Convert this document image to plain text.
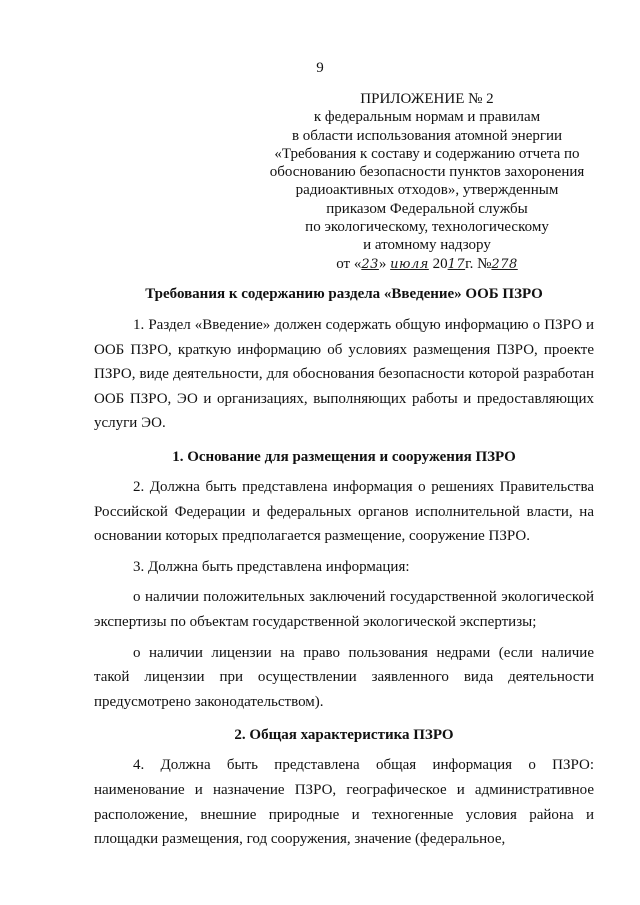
9
ПРИЛОЖЕНИЕ № 2
к федеральным нормам и правилам
в области использования атомной энергии
«Требования к составу и содержанию отчета по
обоснованию безопасности пунктов захоронения
радиоактивных отходов», утвержденным
приказом Федеральной службы
по экологическому, технологическому
и атомному надзору
от «23» июля 2017г. №278
Требования к содержанию раздела «Введение» ООБ ПЗРО
1. Раздел «Введение» должен содержать общую информацию о ПЗРО и ООБ ПЗРО, краткую информацию об условиях размещения ПЗРО, проекте ПЗРО, виде деятельности, для обоснования безопасности которой разработан ООБ ПЗРО, ЭО и организациях, выполняющих работы и предоставляющих услуги ЭО.
1. Основание для размещения и сооружения ПЗРО
2. Должна быть представлена информация о решениях Правительства Российской Федерации и федеральных органов исполнительной власти, на основании которых предполагается размещение, сооружение ПЗРО.
3. Должна быть представлена информация:
о наличии положительных заключений государственной экологической экспертизы по объектам государственной экологической экспертизы;
о наличии лицензии на право пользования недрами (если наличие такой лицензии при осуществлении заявленного вида деятельности предусмотрено законодательством).
2. Общая характеристика ПЗРО
4. Должна быть представлена общая информация о ПЗРО: наименование и назначение ПЗРО, географическое и административное расположение, внешние природные и техногенные условия района и площадки размещения, год сооружения, значение (федеральное,
